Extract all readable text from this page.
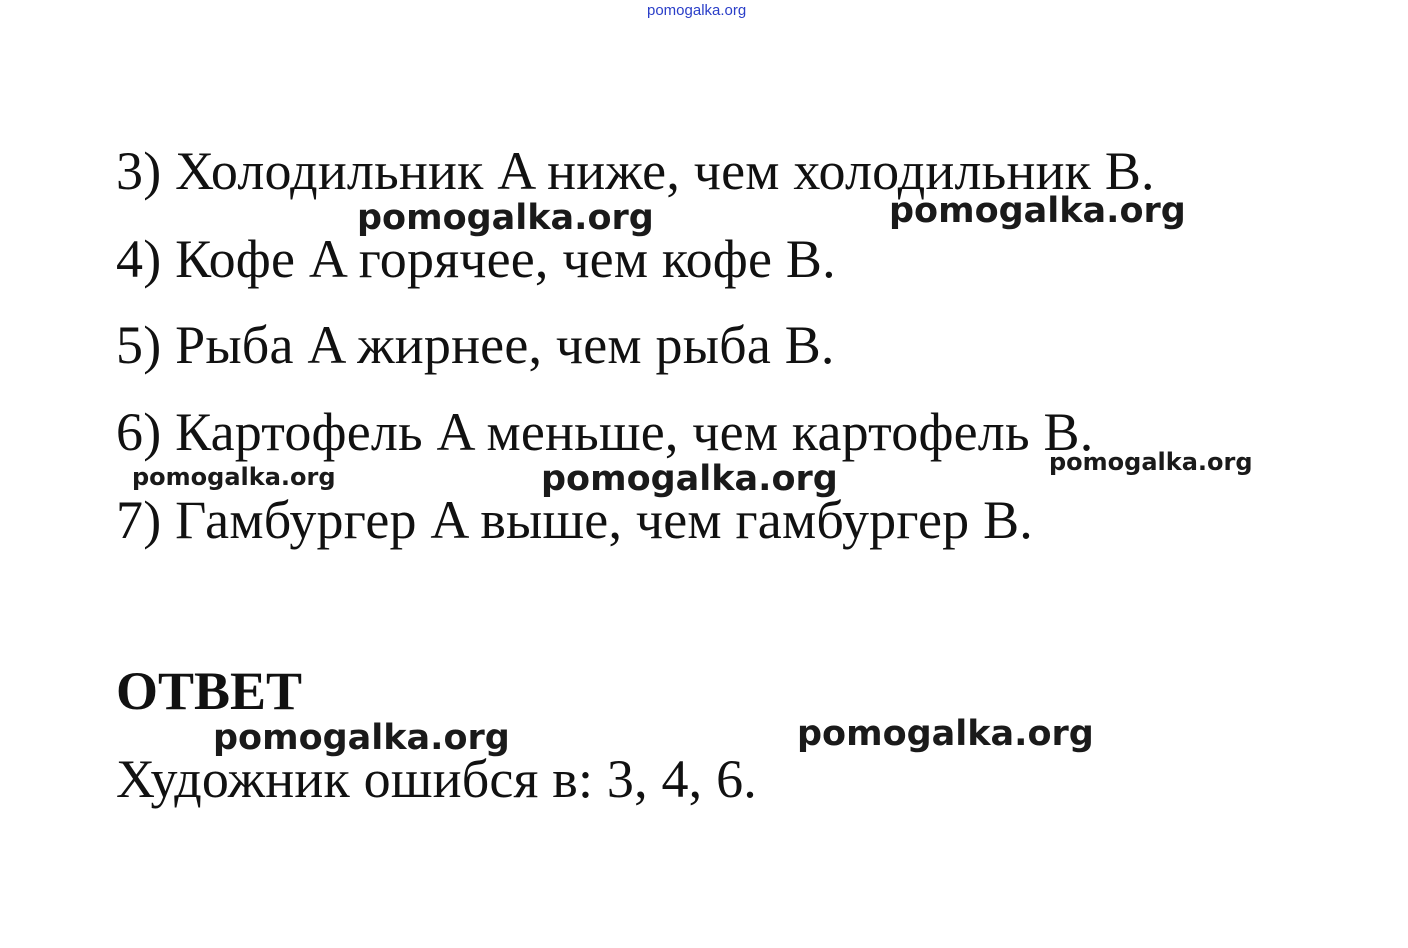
pomogalka.org
3) Холодильник A ниже, чем холодильник B.
4) Кофе A горячее, чем кофе B.
5) Рыба A жирнее, чем рыба B.
6) Картофель A меньше, чем картофель B.
7) Гамбургер A выше, чем гамбургер B.
ОТВЕТ
Художник ошибся в: 3, 4, 6.
pomogalka.org	pomogalka.org
pomogalka.org	pomogalka.org	pomogalka.org
pomogalka.org	pomogalka.org
